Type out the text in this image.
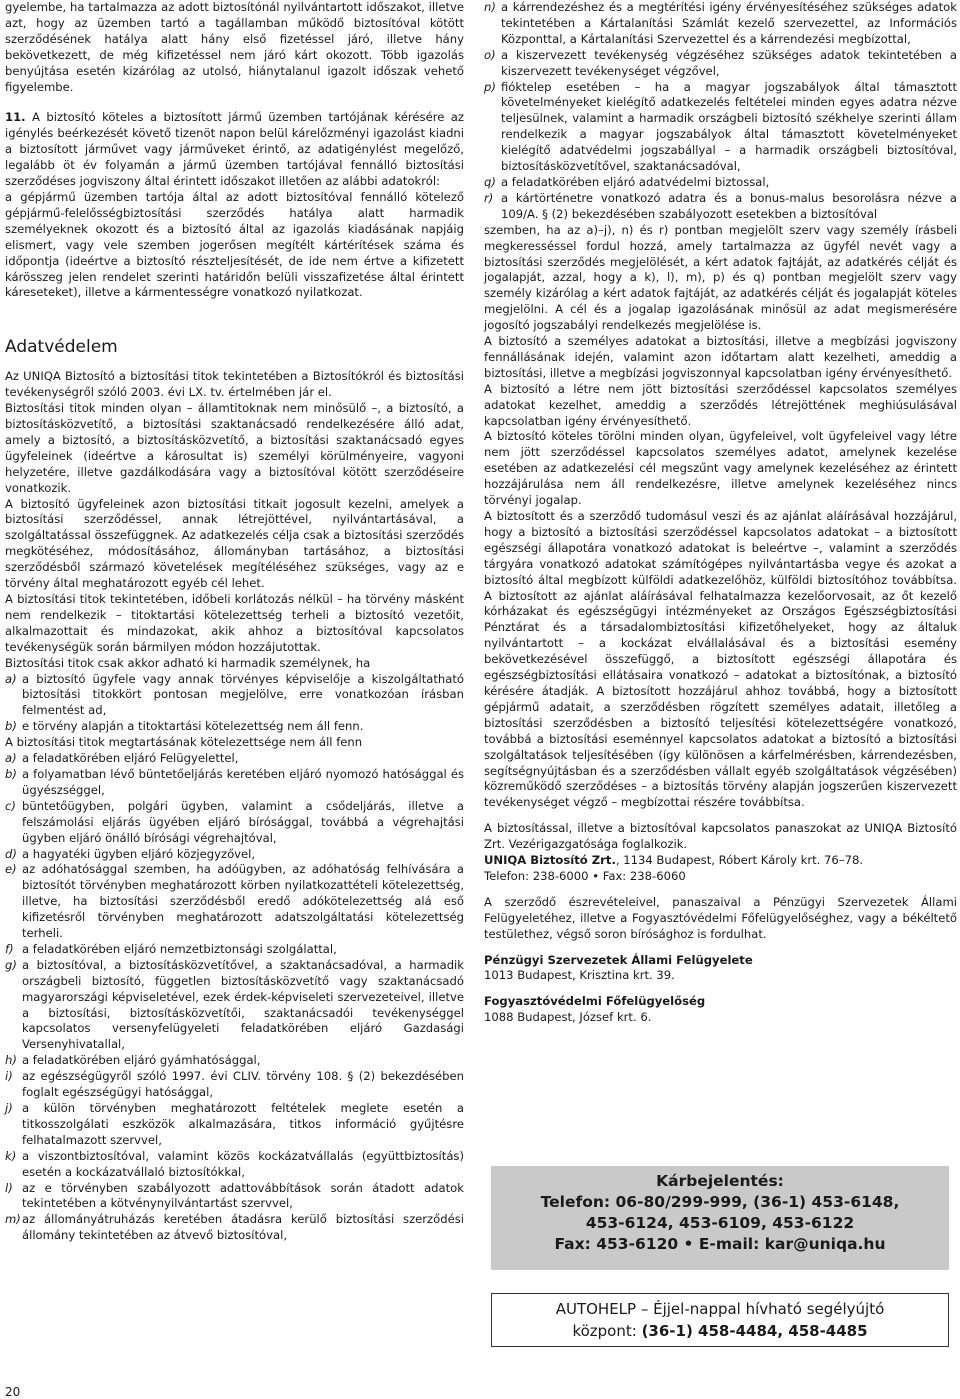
gyelembe, ha tartalmazza az adott biztosítónál nyilvántartott időszakot, illetve azt, hogy az üzemben tartó a tagállamban működő biztosítóval kötött szerződésének hatálya alatt hány első fizetéssel járó, illetve hány bekövetkezett, de még kifizetéssel nem járó kárt okozott. Több igazolás benyújtása esetén kizárólag az utolsó, hiánytalanul igazolt időszak vehető figyelembe.

11. A biztosító köteles a biztosított jármű üzemben tartójának kérésére az igénylés beérkezését követő tizenöt napon belül kárelőzményi igazolást kiadni a biztosított járművet vagy járműveket érintő, az adatigénylést megelőző, legalább öt év folyamán a jármű üzemben tartójával fennálló biztosítási szerződéses jogviszony által érintett időszakot illetően az alábbi adatokról:

a gépjármű üzemben tartója által az adott biztosítóval fennálló kötelező gépjármű-felelősségbiztosítási szerződés hatálya alatt harmadik személyeknek okozott és a biztosító által az igazolás kiadásának napjáig elismert, vagy vele szemben jogerősen megítélt kártérítések száma és időpontja (ideértve a biztosító részteljesítését, de ide nem értve a kifizetett kárösszeg jelen rendelet szerinti határidőn belüli visszafizetése által érintett káreseteket), illetve a kármentességre vonatkozó nyilatkozat.

Adatvédelem

Az UNIQA Biztosító a biztosítási titok tekintetében a Biztosítókról és biztosítási tevékenységről szóló 2003. évi LX. tv. értelmében jár el.

Biztosítási titok minden olyan – államtitoknak nem minősülő –, a biztosító, a biztosításközvetítő, a biztosítási szaktanácsadó rendelkezésére álló adat, amely a biztosító, a biztosításközvetítő, a biztosítási szaktanácsadó egyes ügyfeleinek (ideértve a károsultat is) személyi körülményeire, vagyoni helyzetére, illetve gazdálkodására vagy a biztosítóval kötött szerződéseire vonatkozik.

A biztosító ügyfeleinek azon biztosítási titkait jogosult kezelni, amelyek a biztosítási szerződéssel, annak létrejöttével, nyilvántartásával, a szolgáltatással összefüggnek. Az adatkezelés célja csak a biztosítási szerződés megkötéséhez, módosításához, állományban tartásához, a biztosítási szerződésből származó követelések megítéléséhez szükséges, vagy az e törvény által meghatározott egyéb cél lehet.

A biztosítási titok tekintetében, időbeli korlátozás nélkül – ha törvény másként nem rendelkezik – titoktartási kötelezettség terheli a biztosító vezetőit, alkalmazottait és mindazokat, akik ahhoz a biztosítóval kapcsolatos tevékenységük során bármilyen módon hozzájutottak.

Biztosítási titok csak akkor adható ki harmadik személynek, ha

a) a biztosító ügyfele vagy annak törvényes képviselője a kiszolgáltatható biztosítási titokkört pontosan megjelölve, erre vonatkozóan írásban felmentést ad,

b) e törvény alapján a titoktartási kötelezettség nem áll fenn.

A biztosítási titok megtartásának kötelezettsége nem áll fenn

a) a feladatkörében eljáró Felügyelettel,

b) a folyamatban lévő büntetőeljárás keretében eljáró nyomozó hatósággal és ügyészséggel,

c) büntetőügyben, polgári ügyben, valamint a csődeljárás, illetve a felszámolási eljárás ügyében eljáró bírósággal, továbbá a végrehajtási ügyben eljáró önálló bírósági végrehajtóval,

d) a hagyatéki ügyben eljáró közjegyzővel,

e) az adóhatósággal szemben, ha adóügyben, az adóhatóság felhívására a biztosítót törvényben meghatározott körben nyilatkozattételi kötelezettség, illetve, ha biztosítási szerződésből eredő adókötelezettség alá eső kifizetésről törvényben meghatározott adatszolgáltatási kötelezettség terheli.

f) a feladatkörében eljáró nemzetbiztonsági szolgálattal,

g) a biztosítóval, a biztosításközvetítővel, a szaktanácsadóval, a harmadik országbeli biztosító, független biztosításközvetítő vagy szaktanácsadó magyarországi képviseletével, ezek érdek-képviseleti szervezeteivel, illetve a biztosítási, biztosításközvetítői, szaktanácsadói tevékenységgel kapcsolatos versenyfelügyeleti feladatkörében eljáró Gazdasági Versenyhivatallal,

h) a feladatkörében eljáró gyámhatósággal,

i) az egészségügyről szóló 1997. évi CLIV. törvény 108. § (2) bekezdésében foglalt egészségügyi hatósággal,

j) a külön törvényben meghatározott feltételek meglete esetén a titkosszolgálati eszközök alkalmazására, titkos információ gyűjtésre felhatalmazott szervvel,

k) a viszontbiztosítóval, valamint közös kockázatvállalás (együttbiztosítás) esetén a kockázatvállaló biztosítókkal,

l) az e törvényben szabályozott adattovábbítások során átadott adatok tekintetében a kötvénynyilvántartást szervvel,

m)az állományátruházás keretében átadásra kerülő biztosítási szerződési állomány tekintetében az átvevő biztosítóval,

n) a kárrendezéshez és a megtérítési igény érvényesítéséhez szükséges adatok tekintetében a Kártalanítási Számlát kezelő szervezettel, az Információs Központtal, a Kártalanítási Szervezettel és a kárrendezési megbízottal,

o) a kiszervezett tevékenység végzéséhez szükséges adatok tekintetében a kiszervezett tevékenységet végzővel,

p) fióktelep esetében – ha a magyar jogszabályok által támasztott követelményeket kielégítő adatkezelés feltételei minden egyes adatra nézve teljesülnek, valamint a harmadik országbeli biztosító székhelye szerinti állam rendelkezik a magyar jogszabályok által támasztott követelményeket kielégítő adatvédelmi jogszabállyal – a harmadik országbeli biztosítóval, biztosításközvetítővel, szaktanácsadóval,

q) a feladatkörében eljáró adatvédelmi biztossal,

r) a kártörténetre vonatkozó adatra és a bonus-malus besorolásra nézve a 109/A. § (2) bekezdésében szabályozott esetekben a biztosítóval

szemben, ha az a)–j), n) és r) pontban megjelölt szerv vagy személy írásbeli megkeresséssel fordul hozzá, amely tartalmazza az ügyfél nevét vagy a biztosítási szerződés megjelölését, a kért adatok fajtáját, az adatkérés célját és jogalapját, azzal, hogy a k), l), m), p) és q) pontban megjelölt szerv vagy személy kizárólag a kért adatok fajtáját, az adatkérés célját és jogalapját köteles megjelölni. A cél és a jogalap igazolásának minősül az adat megismerésére jogosító jogszabályi rendelkezés megjelölése is.

A biztosító a személyes adatokat a biztosítási, illetve a megbízási jogviszony fennállásának idején, valamint azon időtartam alatt kezelheti, ameddig a biztosítási, illetve a megbízási jogviszonnyal kapcsolatban igény érvényesíthető.

A biztosító a létre nem jött biztosítási szerződéssel kapcsolatos személyes adatokat kezelhet, ameddig a szerződés létrejöttének meghiúsulásával kapcsolatban igény érvényesíthető.

A biztosító köteles törölni minden olyan, ügyfeleivel, volt ügyfeleivel vagy létre nem jött szerződéssel kapcsolatos személyes adatot, amelynek kezelése esetében az adatkezelési cél megszűnt vagy amelynek kezeléséhez az érintett hozzájárulása nem áll rendelkezésre, illetve amelynek kezeléséhez nincs törvényi jogalap.

A biztosított és a szerződő tudomásul veszi és az ajánlat aláírásával hozzájárul, hogy a biztosító a biztosítási szerződéssel kapcsolatos adatokat – a biztosított egészségi állapotára vonatkozó adatokat is beleértve –, valamint a szerződés tárgyára vonatkozó adatokat számítógépes nyilvántartásba vegye és azokat a biztosító által megbízott külföldi adatkezelőhöz, külföldi biztosítóhoz továbbítsa. A biztosított az ajánlat aláírásával felhatalmazza kezelőorvosait, az őt kezelő kórházakat és egészségügyi intézményeket az Országos Egészségbiztosítási Pénztárat és a társadalombiztosítási kifizetőhelyeket, hogy az általuk nyilvántartott – a kockázat elvállalásával és a biztosítási esemény bekövetkezésével összefüggő, a biztosított egészségi állapotára és egészségbiztosítási ellátásaira vonatkozó – adatokat a biztosítónak, a biztosító kérésére átadják. A biztosított hozzájárul ahhoz továbbá, hogy a biztosított gépjármű adatait, a szerződésben rögzített személyes adatait, illetőleg a biztosítási szerződésben a biztosító teljesítési kötelezettségére vonatkozó, továbbá a biztosítási eseménnyel kapcsolatos adatokat a biztosító a biztosítási szolgáltatások teljesítésében (így különösen a kárfelmérésben, kárrendezésben, segítségnyújtásban és a szerződésben vállalt egyéb szolgáltatások végzésében) közreműködő szerződéses – a biztosítás törvény alapján jogszerűen kiszervezett tevékenységet végző – megbízottai részére továbbítsa.

A biztosítással, illetve a biztosítóval kapcsolatos panaszokat az UNIQA Biztosító Zrt. Vezérigazgatósága foglalkozik.

UNIQA Biztosító Zrt., 1134 Budapest, Róbert Károly krt. 76–78.

Telefon: 238-6000 • Fax: 238-6060

A szerződő észrevételeivel, panaszaival a Pénzügyi Szervezetek Állami Felügyeletéhez, illetve a Fogyasztóvédelmi Főfelügyelőséghez, vagy a békéltető testülethez, végső soron bírósághoz is fordulhat.

Pénzügyi Szervezetek Állami Felügyelete

1013 Budapest, Krisztina krt. 39.

Fogyasztóvédelmi Főfelügyelőség

1088 Budapest, József krt. 6.

Kárbejelentés:
Telefon: 06-80/299-999, (36-1) 453-6148,
453-6124, 453-6109, 453-6122
Fax: 453-6120 • E-mail: kar@uniqa.hu
AUTOHELP – Éjjel-nappal hívható segélyújtó
központ: (36-1) 458-4484, 458-4485
20
